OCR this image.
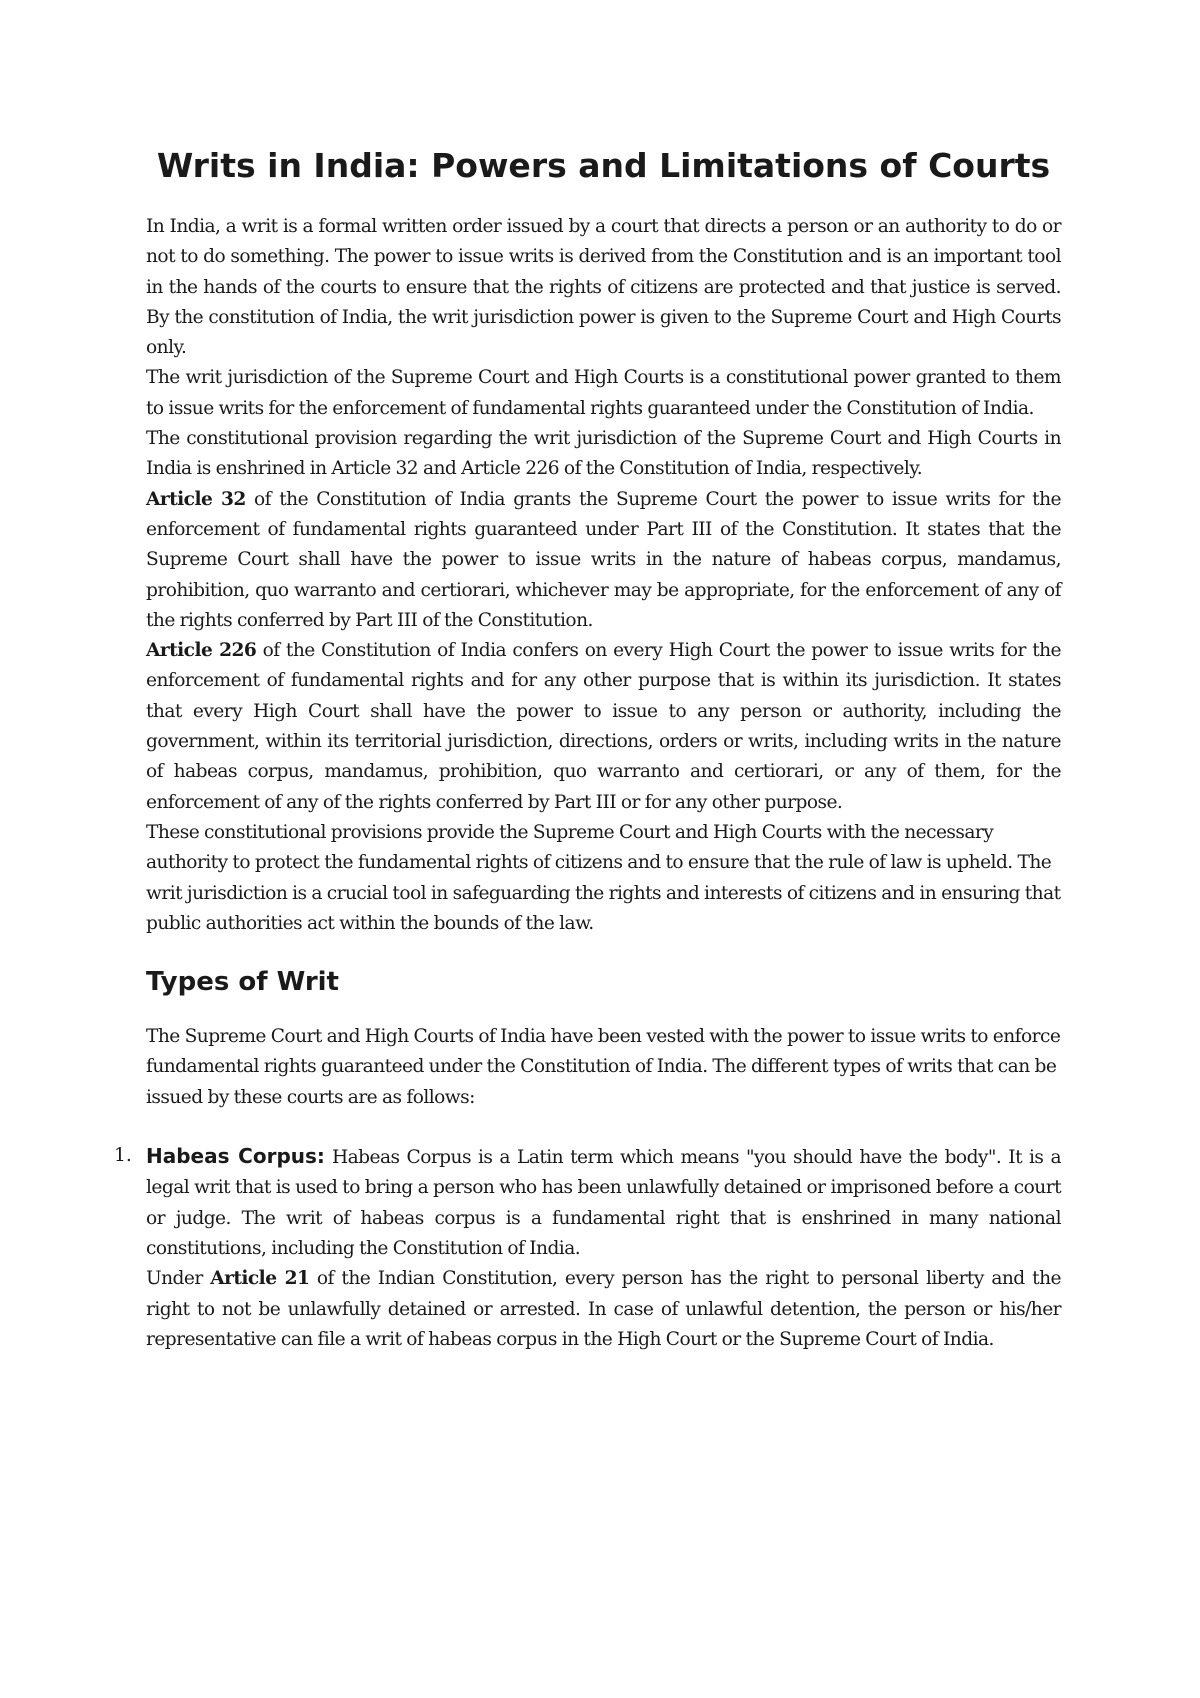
Writs in India: Powers and Limitations of Courts

In India, a writ is a formal written order issued by a court that directs a person or an authority to do or not to do something. The power to issue writs is derived from the Constitution and is an important tool in the hands of the courts to ensure that the rights of citizens are protected and that justice is served. By the constitution of India, the writ jurisdiction power is given to the Supreme Court and High Courts only.

The writ jurisdiction of the Supreme Court and High Courts is a constitutional power granted to them to issue writs for the enforcement of fundamental rights guaranteed under the Constitution of India.

The constitutional provision regarding the writ jurisdiction of the Supreme Court and High Courts in India is enshrined in Article 32 and Article 226 of the Constitution of India, respectively.

Article 32 of the Constitution of India grants the Supreme Court the power to issue writs for the enforcement of fundamental rights guaranteed under Part III of the Constitution. It states that the Supreme Court shall have the power to issue writs in the nature of habeas corpus, mandamus, prohibition, quo warranto and certiorari, whichever may be appropriate, for the enforcement of any of the rights conferred by Part III of the Constitution.

Article 226 of the Constitution of India confers on every High Court the power to issue writs for the enforcement of fundamental rights and for any other purpose that is within its jurisdiction. It states that every High Court shall have the power to issue to any person or authority, including the government, within its territorial jurisdiction, directions, orders or writs, including writs in the nature of habeas corpus, mandamus, prohibition, quo warranto and certiorari, or any of them, for the enforcement of any of the rights conferred by Part III or for any other purpose.

These constitutional provisions provide the Supreme Court and High Courts with the necessary authority to protect the fundamental rights of citizens and to ensure that the rule of law is upheld. The writ jurisdiction is a crucial tool in safeguarding the rights and interests of citizens and in ensuring that public authorities act within the bounds of the law.

Types of Writ

The Supreme Court and High Courts of India have been vested with the power to issue writs to enforce fundamental rights guaranteed under the Constitution of India. The different types of writs that can be issued by these courts are as follows:

1. Habeas Corpus: Habeas Corpus is a Latin term which means "you should have the body". It is a legal writ that is used to bring a person who has been unlawfully detained or imprisoned before a court or judge. The writ of habeas corpus is a fundamental right that is enshrined in many national constitutions, including the Constitution of India.

Under Article 21 of the Indian Constitution, every person has the right to personal liberty and the right to not be unlawfully detained or arrested. In case of unlawful detention, the person or his/her representative can file a writ of habeas corpus in the High Court or the Supreme Court of India.
